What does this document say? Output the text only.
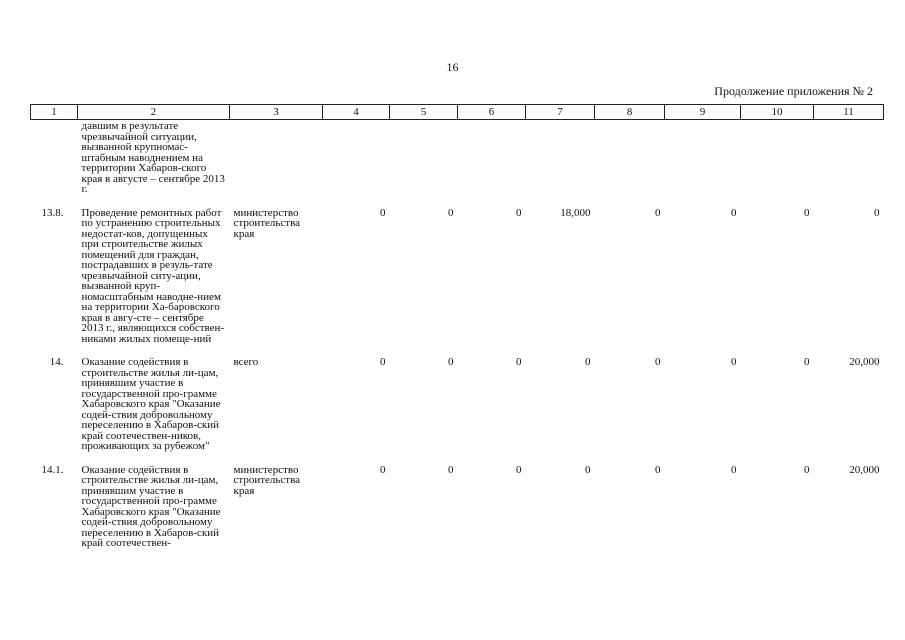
16
Продолжение приложения № 2
1	2	3	4	5	6	7	8	9	10	11
	давшим в результате чрезвычайной ситуации, вызванной крупномас-штабным наводнением на территории Хабаров-ского края в августе – сентябре 2013 г.									

13.8.	Проведение ремонтных работ по устранению строительных недостат-ков, допущенных при строительстве жилых помещений для граждан, пострадавших в резуль-тате чрезвычайной ситу-ации, вызванной круп-номасштабным наводне-нием на территории Ха-баровского края в авгу-сте – сентябре 2013 г., являющихся собствен-никами жилых помеще-ний	министерство строительства края	0	0	0	18,000	0	0	0	0

14.	Оказание содействия в строительстве жилья ли-цам, принявшим участие в государственной про-грамме Хабаровского края "Оказание содей-ствия добровольному переселению в Хабаров-ский край соотечествен-ников, проживающих за рубежом"	всего	0	0	0	0	0	0	0	20,000

14.1.	Оказание содействия в строительстве жилья ли-цам, принявшим участие в государственной про-грамме Хабаровского края "Оказание содей-ствия добровольному переселению в Хабаров-ский край соотечествен-	министерство строительства края	0	0	0	0	0	0	0	20,000
